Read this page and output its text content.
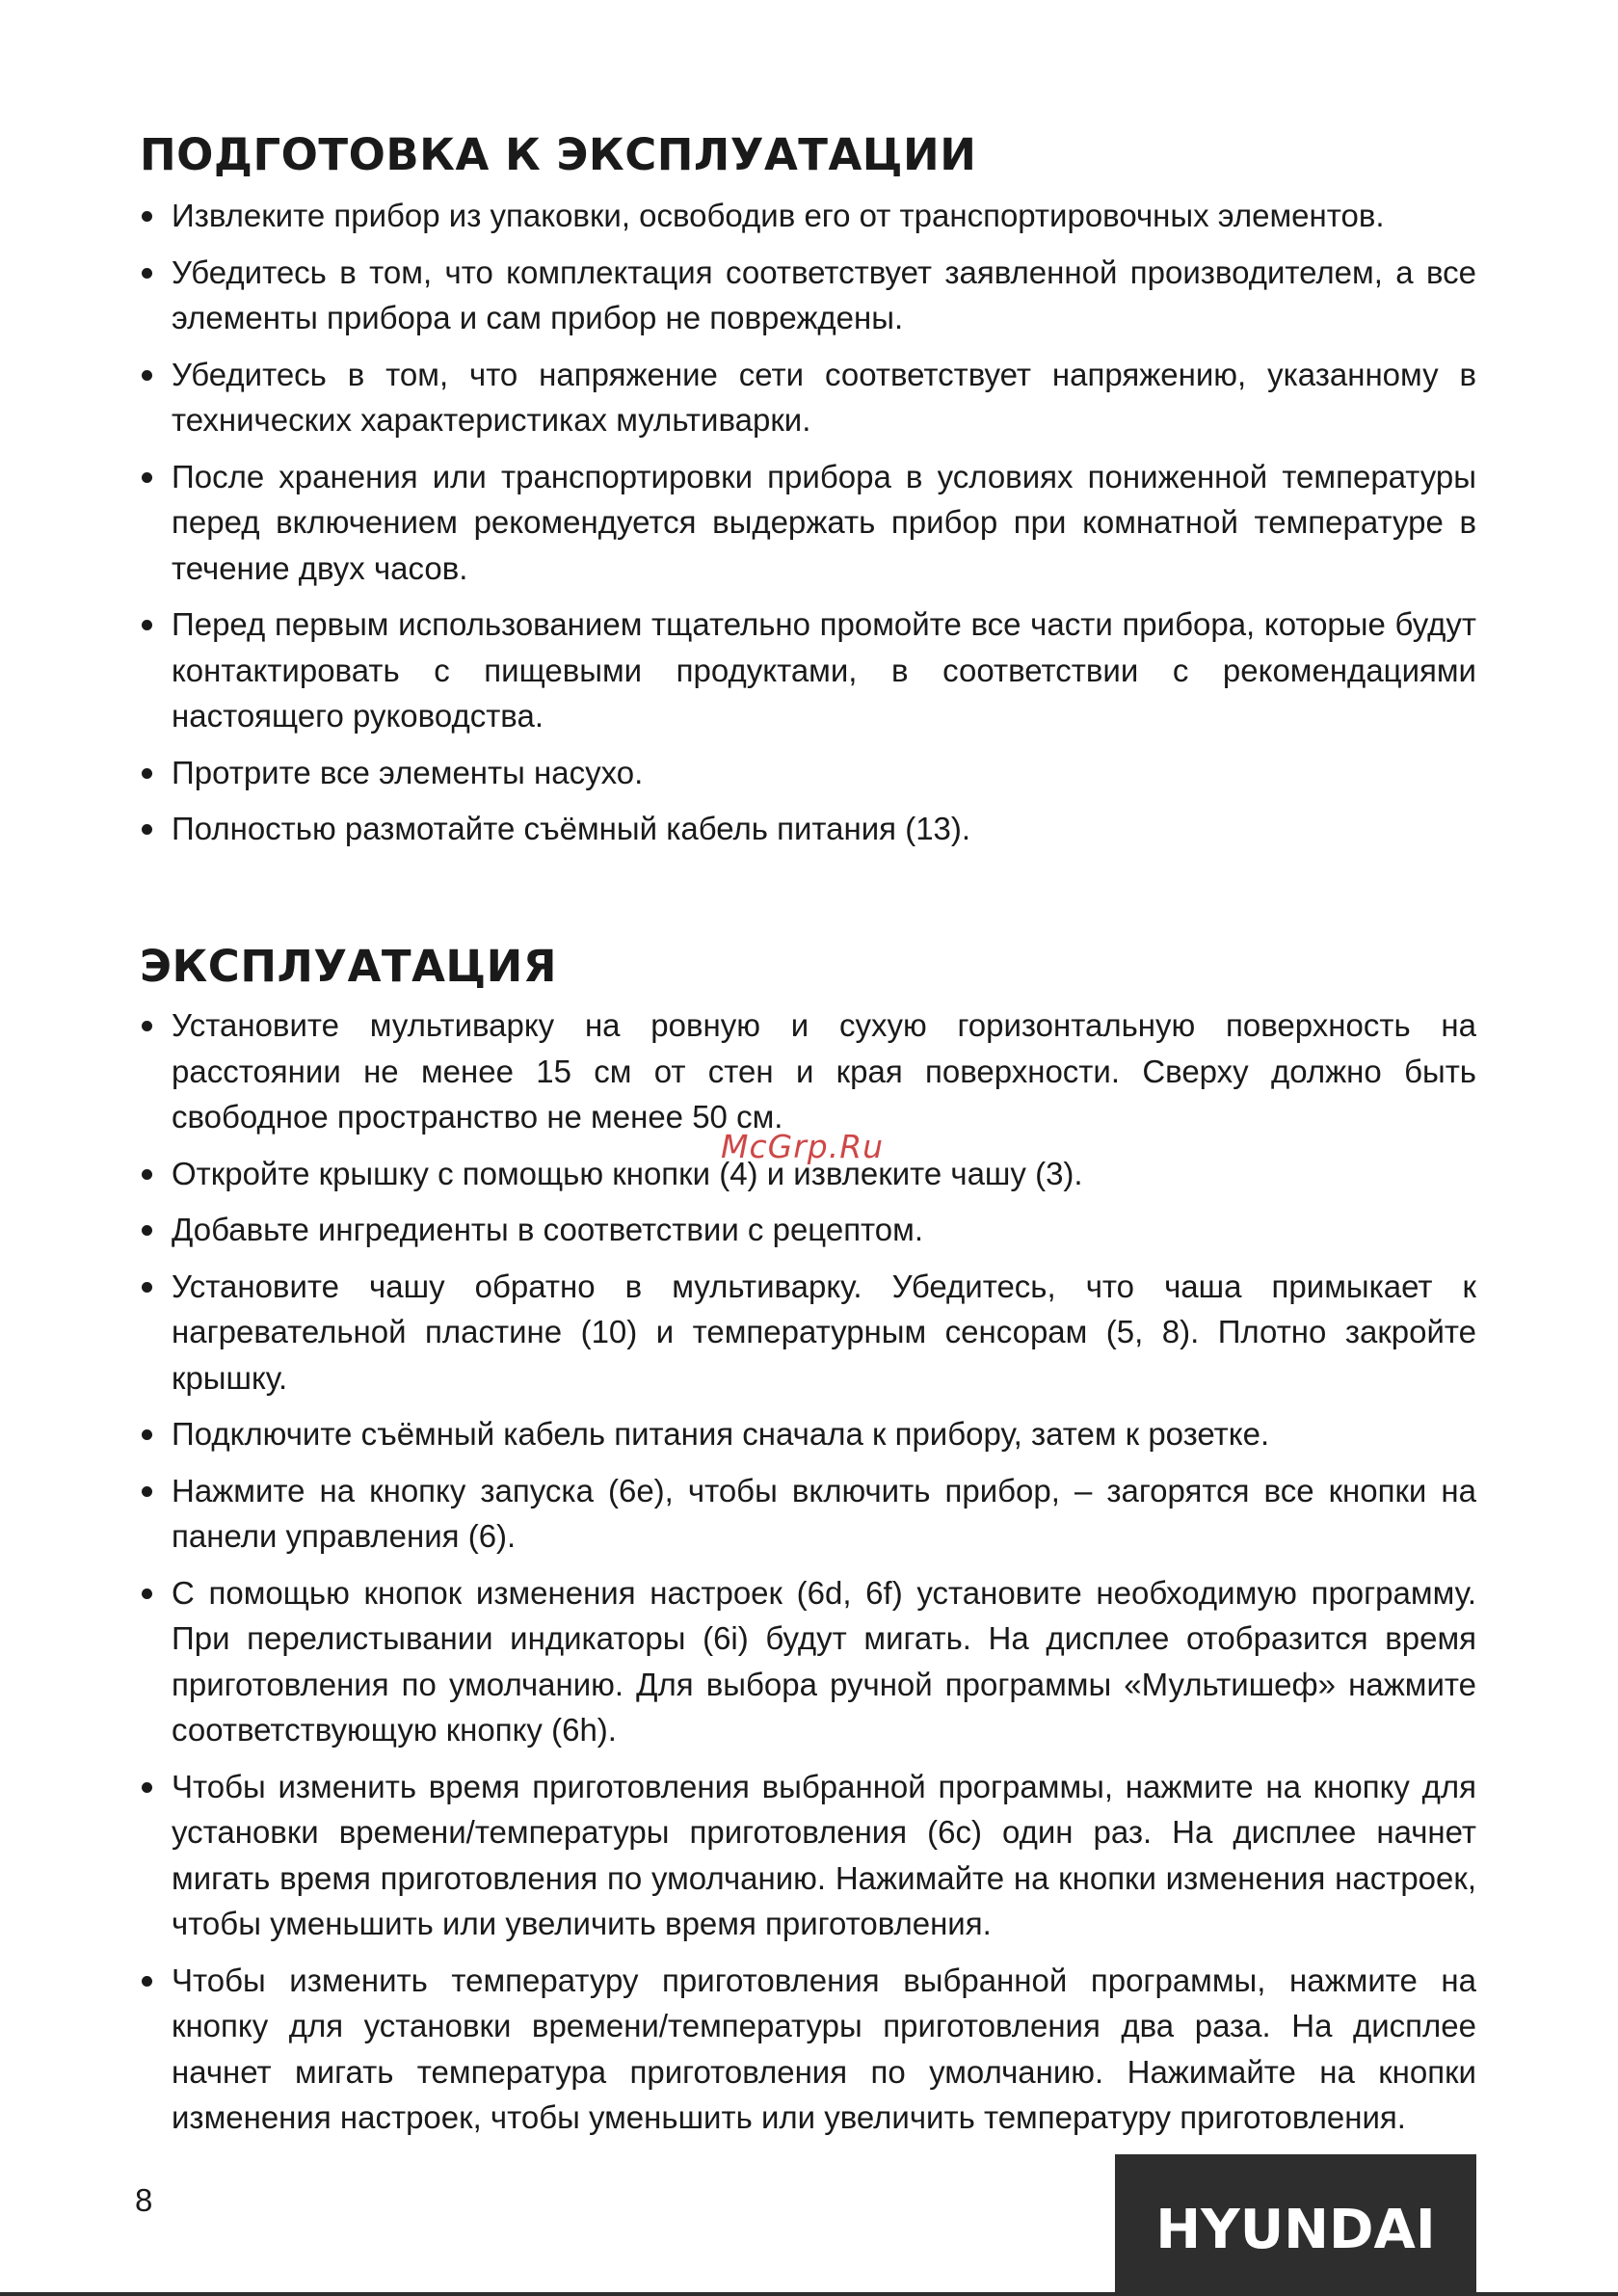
ПОДГОТОВКА К ЭКСПЛУАТАЦИИ
Извлеките прибор из упаковки, освободив его от транспортировочных элементов.
Убедитесь в том, что комплектация соответствует заявленной производителем, а все элементы прибора и сам прибор не повреждены.
Убедитесь в том, что напряжение сети соответствует напряжению, указанному в технических характеристиках мультиварки.
После хранения или транспортировки прибора в условиях пониженной температуры перед включением рекомендуется выдержать прибор при комнатной температуре в течение двух часов.
Перед первым использованием тщательно промойте все части прибора, которые будут контактировать с пищевыми продуктами, в соответствии с рекомендациями настоящего руководства.
Протрите все элементы насухо.
Полностью размотайте съёмный кабель питания (13).
ЭКСПЛУАТАЦИЯ
Установите мультиварку на ровную и сухую горизонтальную поверхность на расстоянии не менее 15 см от стен и края поверхности. Сверху должно быть свободное пространство не менее 50 см.
Откройте крышку с помощью кнопки (4) и извлеките чашу (3).
Добавьте ингредиенты в соответствии с рецептом.
Установите чашу обратно в мультиварку. Убедитесь, что чаша примыкает к нагревательной пластине (10) и температурным сенсорам (5, 8). Плотно закройте крышку.
Подключите съёмный кабель питания сначала к прибору, затем к розетке.
Нажмите на кнопку запуска (6e), чтобы включить прибор, – загорятся все кнопки на панели управления (6).
С помощью кнопок изменения настроек (6d, 6f) установите необходимую программу. При перелистывании индикаторы (6i) будут мигать. На дисплее отобразится время приготовления по умолчанию. Для выбора ручной программы «Мультишеф» нажмите соответствующую кнопку (6h).
Чтобы изменить время приготовления выбранной программы, нажмите на кнопку для установки времени/температуры приготовления (6c) один раз. На дисплее начнет мигать время приготовления по умолчанию. Нажимайте на кнопки изменения настроек, чтобы уменьшить или увеличить время приготовления.
Чтобы изменить температуру приготовления выбранной программы, нажмите на кнопку для установки времени/температуры приготовления два раза. На дисплее начнет мигать температура приготовления по умолчанию. Нажимайте на кнопки изменения настроек, чтобы уменьшить или увеличить температуру приготовления.
McGrp.Ru
8	HYUNDAI
